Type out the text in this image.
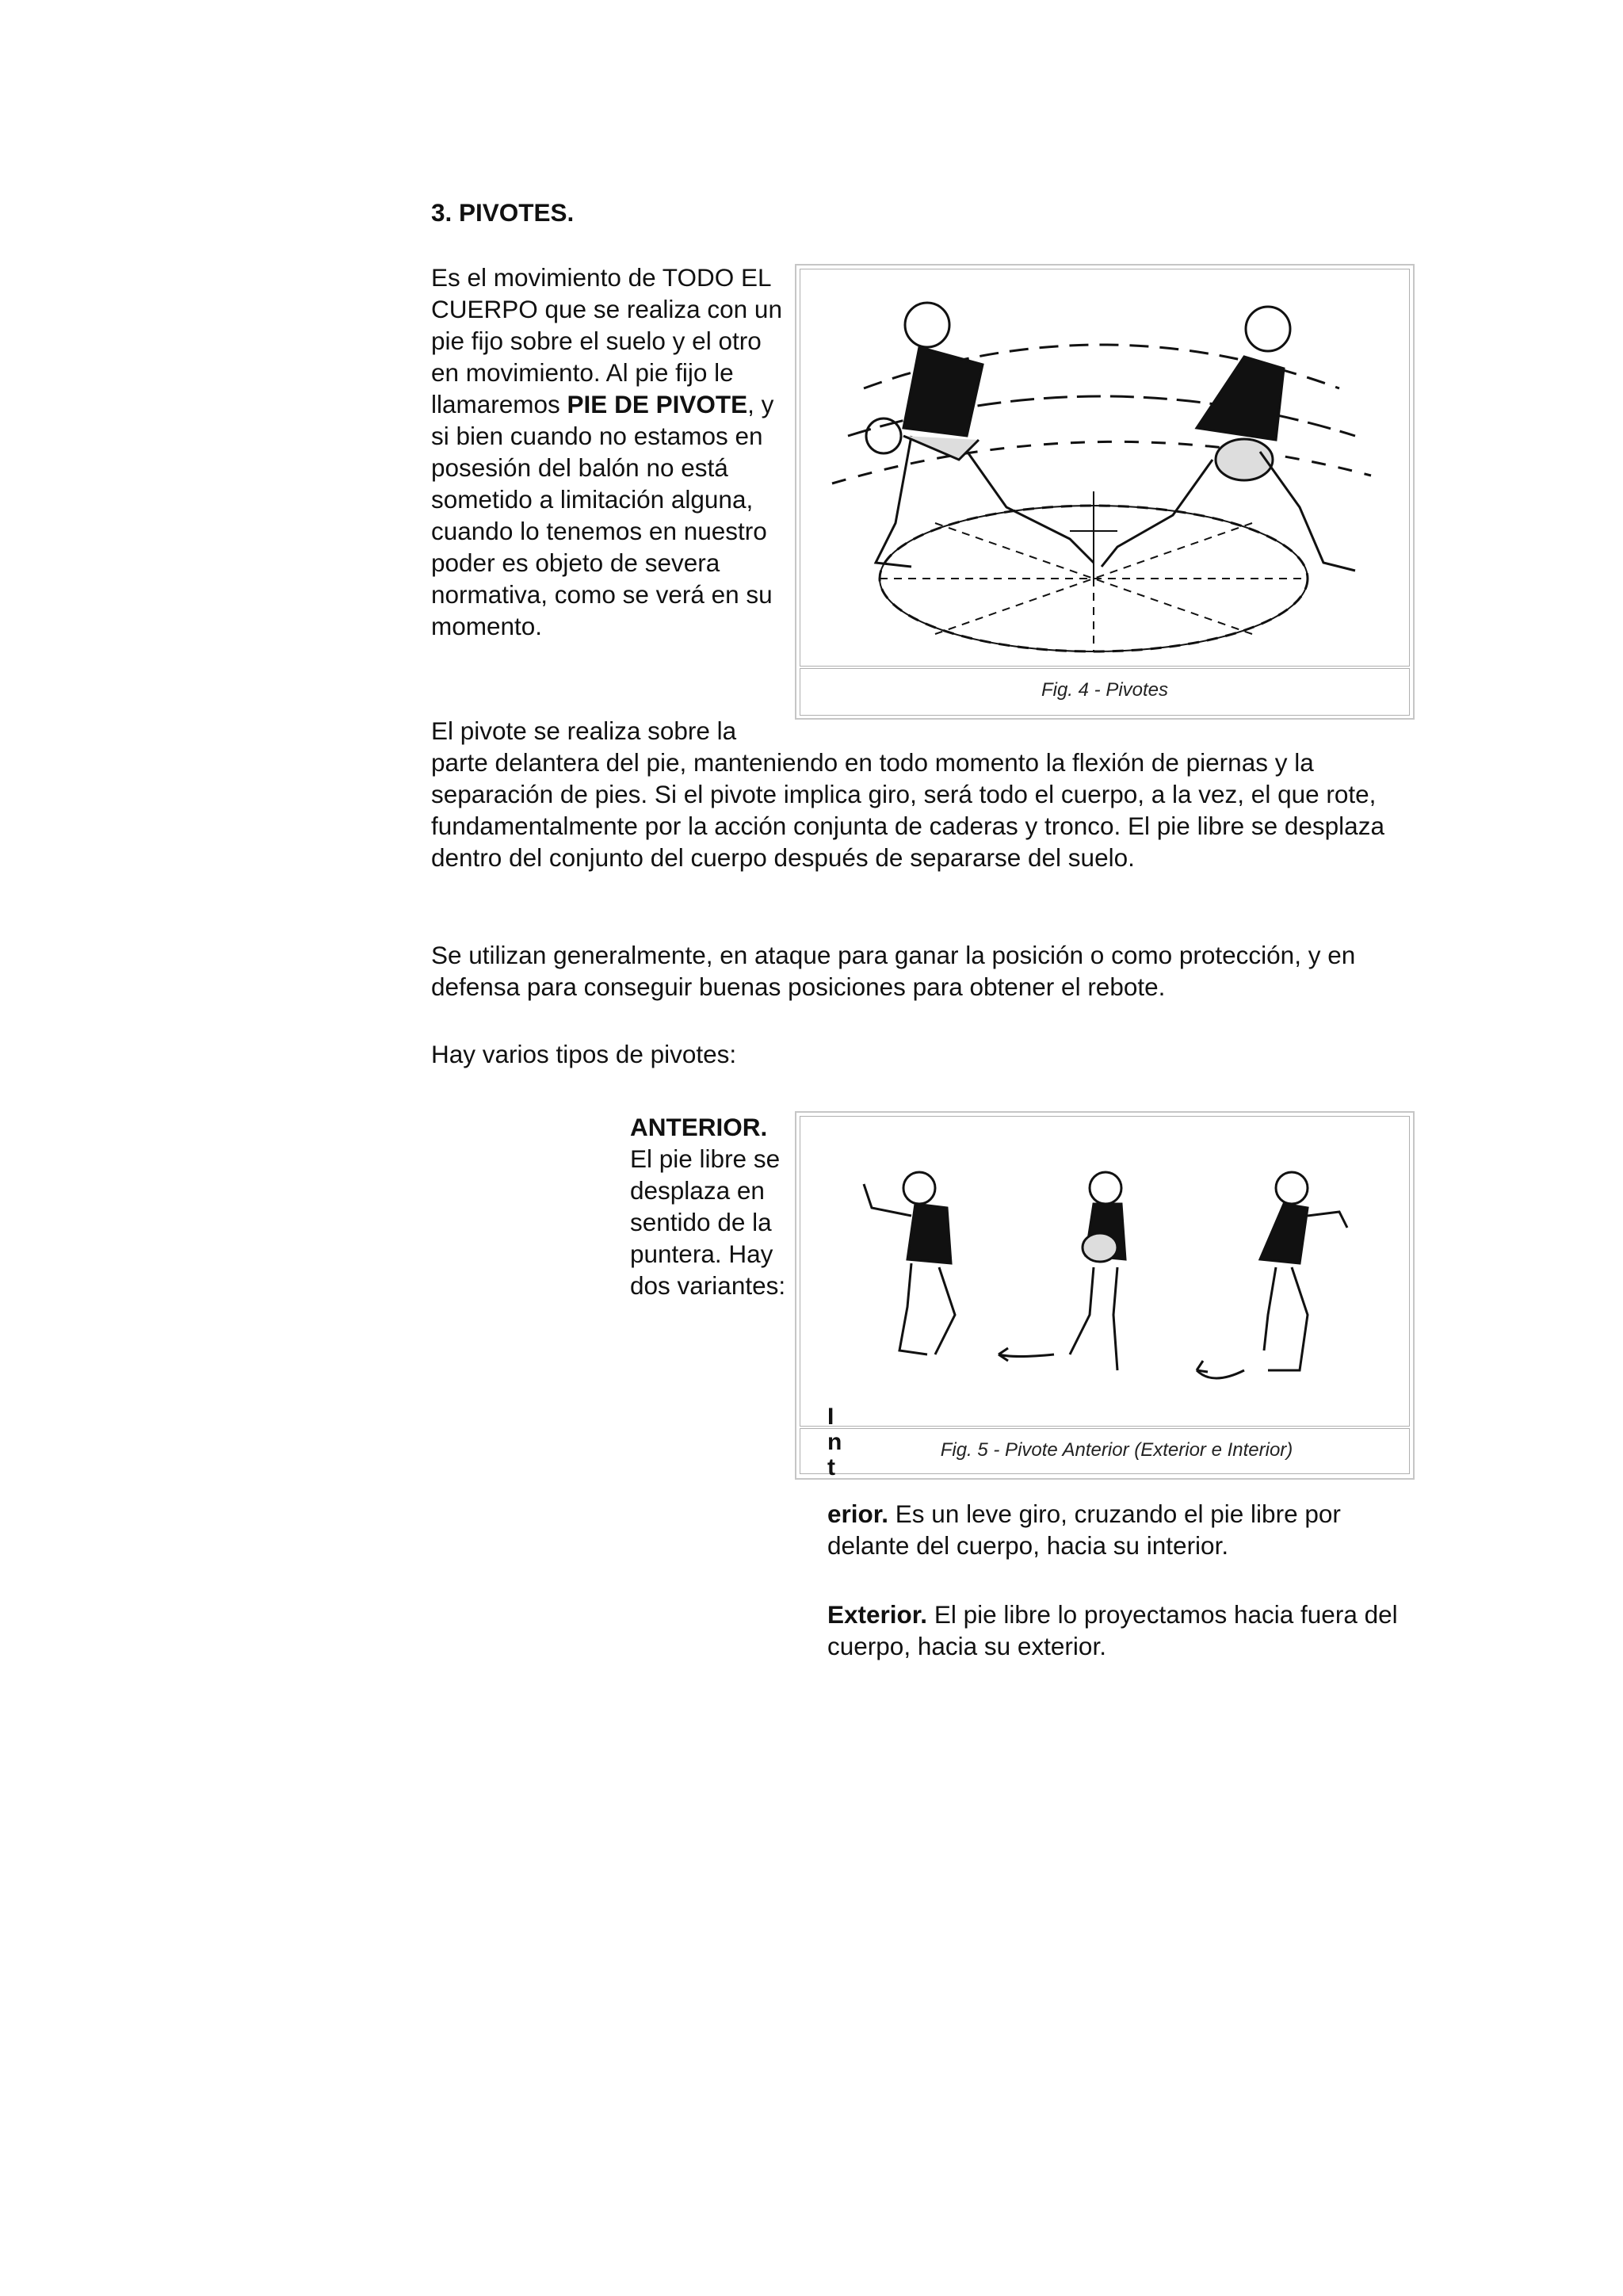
3. PIVOTES.

Es el movimiento de TODO EL CUERPO que se realiza con un pie fijo sobre el suelo y el otro en movimiento. Al pie fijo le llamaremos PIE DE PIVOTE, y si bien cuando no estamos en posesión del balón no está sometido a limitación alguna, cuando lo tenemos en nuestro poder es objeto de severa normativa, como se verá en su momento.

Fig. 4 - Pivotes

El pivote se realiza sobre la

parte delantera del pie, manteniendo en todo momento la flexión de piernas y la separación de pies. Si el pivote implica giro, será todo el cuerpo, a la vez, el que rote, fundamentalmente por la acción conjunta de caderas y tronco. El pie libre se desplaza dentro del conjunto del cuerpo después de separarse del suelo.

Se utilizan generalmente, en ataque para ganar la posición o como protección, y en defensa para conseguir buenas posiciones para obtener el rebote.

Hay varios tipos de pivotes:

ANTERIOR.
El pie libre se desplaza en sentido de la puntera. Hay dos variantes:

Fig. 5 - Pivote Anterior (Exterior e Interior)
I
n
t

erior. Es un leve giro, cruzando el pie libre por delante del cuerpo, hacia su interior.

Exterior. El pie libre lo proyectamos hacia fuera del cuerpo, hacia su exterior.
